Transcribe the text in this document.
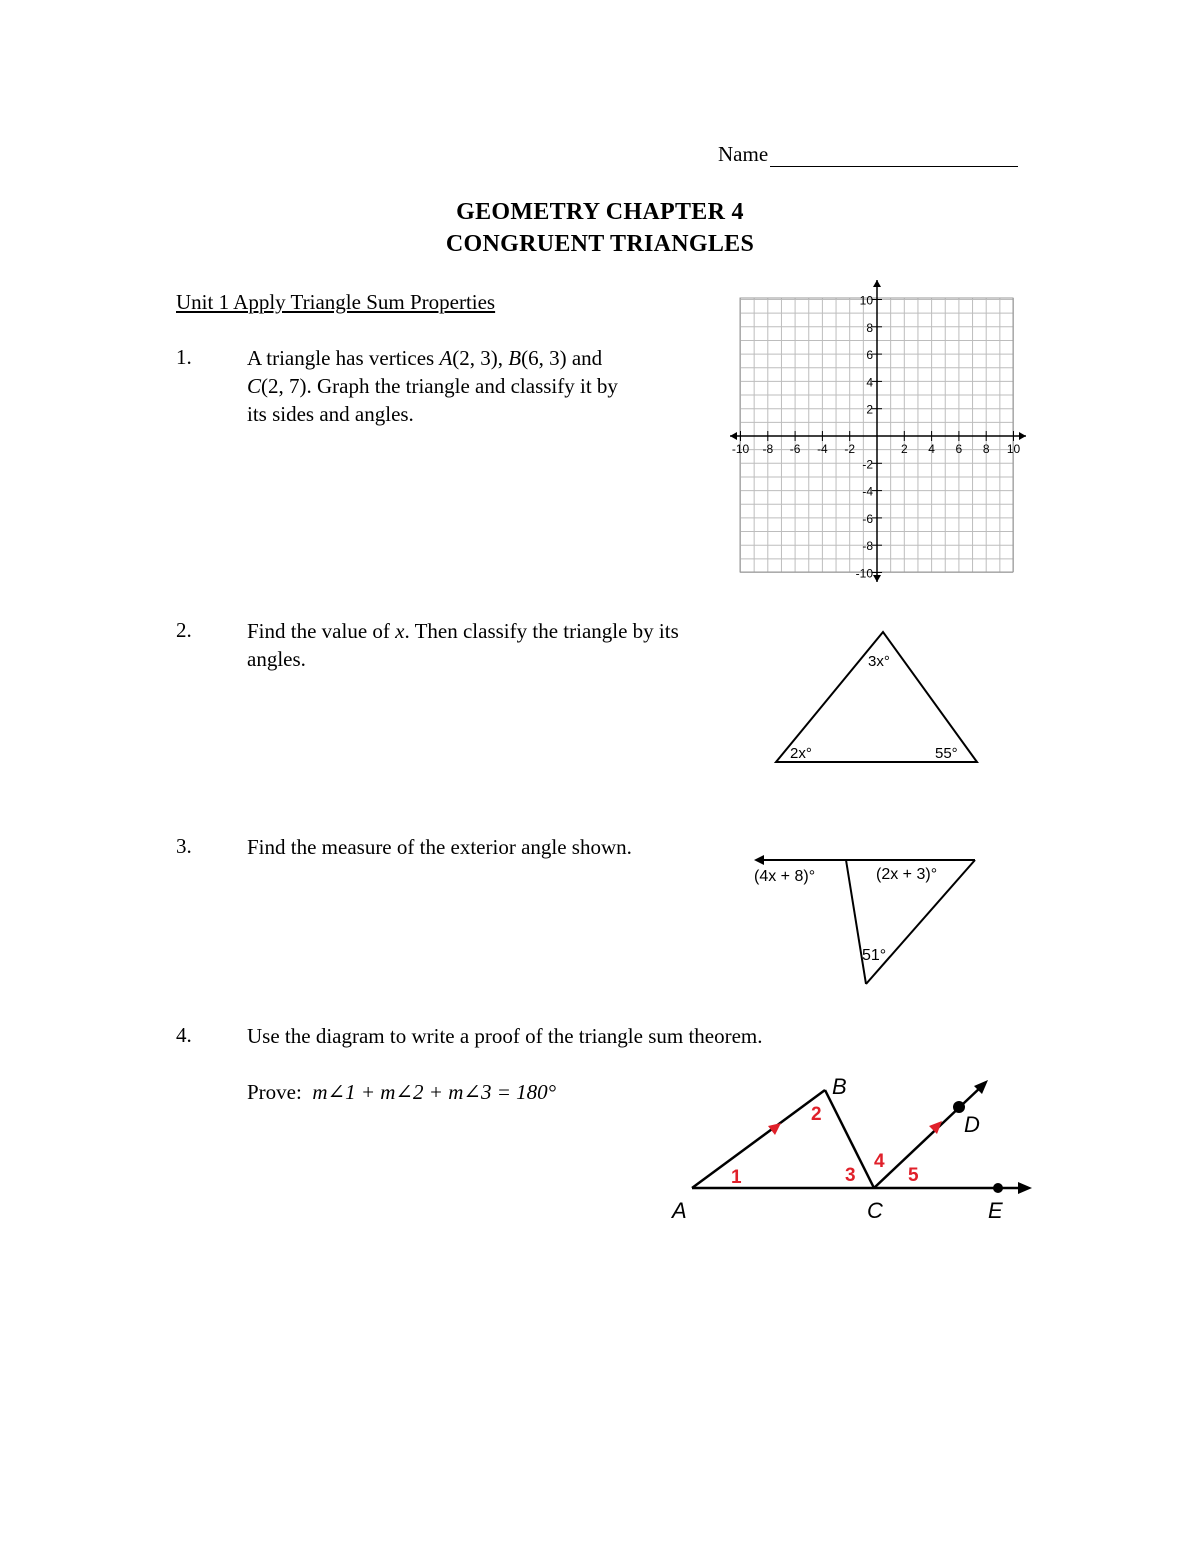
Name
GEOMETRY CHAPTER 4
CONGRUENT TRIANGLES
Unit 1 Apply Triangle Sum Properties
1.	A triangle has vertices A(2, 3), B(6, 3) and
C(2, 7). Graph the triangle and classify it by
its sides and angles.
-10 -8 -6 -4 -2	2 4 6 8 10
10
8
6
4
2
-2
-4
-6
-8
-10
2.	Find the value of x. Then classify the triangle by its
angles.	3x°
2x°	55°
3.	Find the measure of the exterior angle shown.
(4x + 8)°	(2x + 3)°
51°
4.	Use the diagram to write a proof of the triangle sum theorem.
Prove: m∠1 + m∠2 + m∠3 = 180°
A
B
C
D
E
1
2
3
4
5
